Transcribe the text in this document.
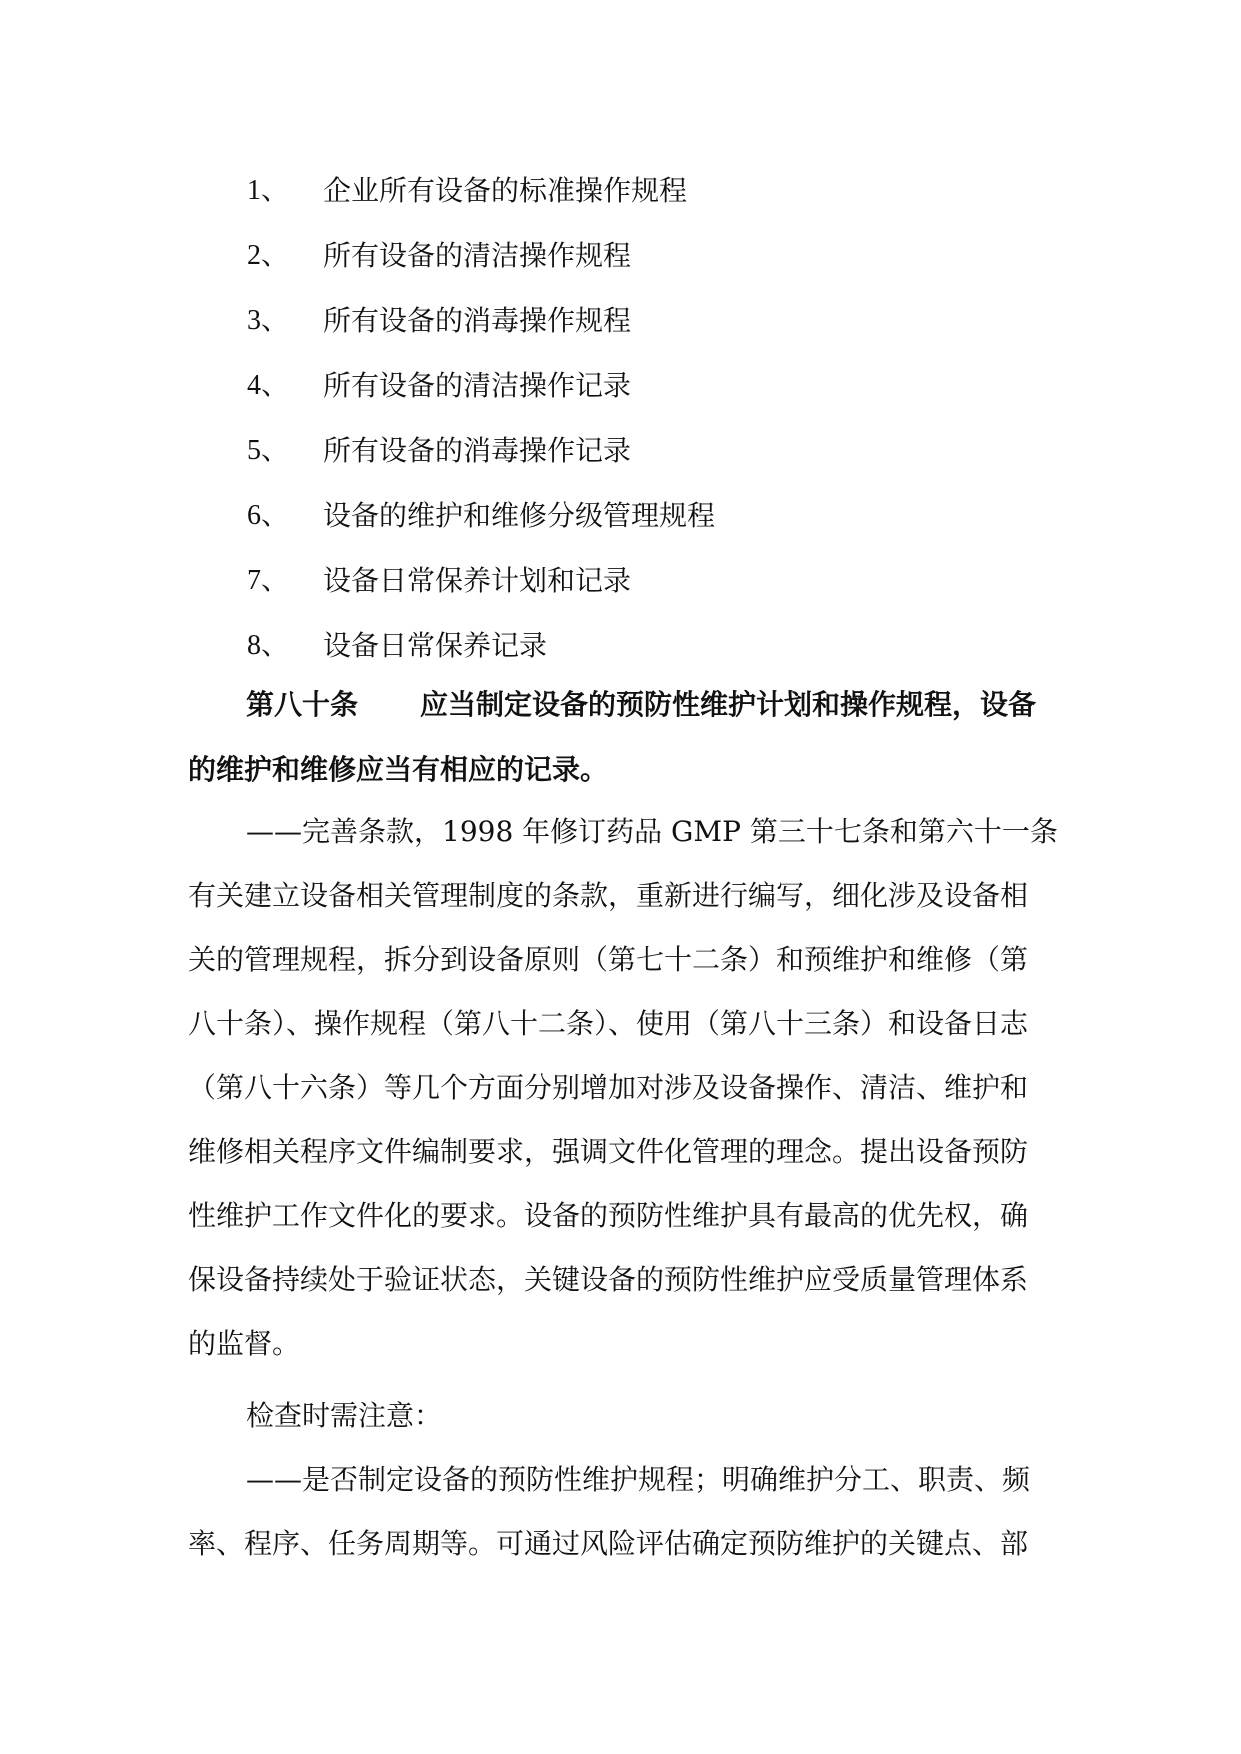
1、	企业所有设备的标准操作规程
2、	所有设备的清洁操作规程
3、	所有设备的消毒操作规程
4、	所有设备的清洁操作记录
5、	所有设备的消毒操作记录
6、	设备的维护和维修分级管理规程
7、	设备日常保养计划和记录
8、	设备日常保养记录
第八十条 应当制定设备的预防性维护计划和操作规程，设备
的维护和维修应当有相应的记录。
——完善条款，1998 年修订药品 GMP 第三十七条和第六十一条
有关建立设备相关管理制度的条款，重新进行编写，细化涉及设备相
关的管理规程，拆分到设备原则（第七十二条）和预维护和维修（第
八十条）、操作规程（第八十二条）、使用（第八十三条）和设备日志
（第八十六条）等几个方面分别增加对涉及设备操作、清洁、维护和
维修相关程序文件编制要求，强调文件化管理的理念。提出设备预防
性维护工作文件化的要求。设备的预防性维护具有最高的优先权，确
保设备持续处于验证状态，关键设备的预防性维护应受质量管理体系
的监督。
检查时需注意：
——是否制定设备的预防性维护规程；明确维护分工、职责、频
率、程序、任务周期等。可通过风险评估确定预防维护的关键点、部
